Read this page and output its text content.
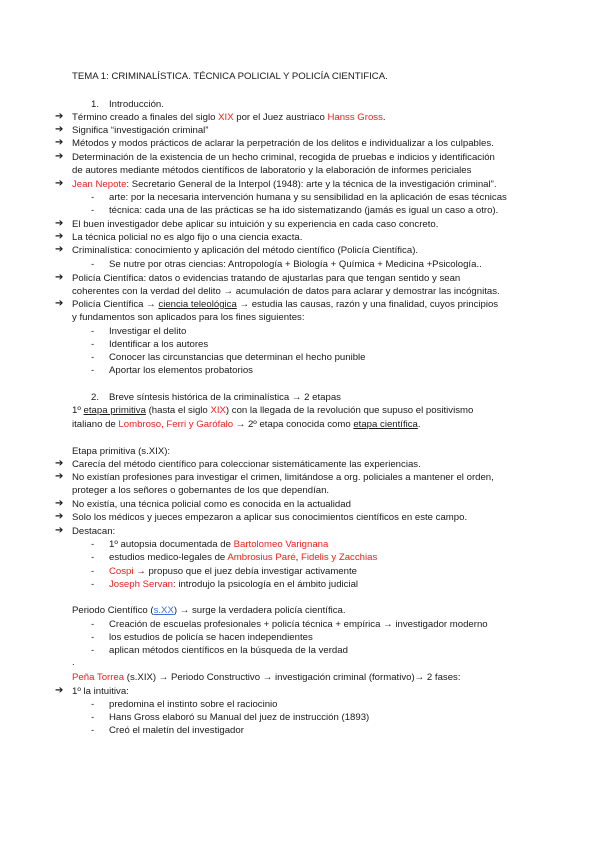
TEMA 1: CRIMINALÍSTICA. TÉCNICA POLICIAL Y POLICÍA CIENTIFICA.
1. Introducción.
➔ Término creado a finales del siglo XIX por el Juez austriaco Hanss Gross.
➔ Significa “investigación criminal”
➔ Métodos y modos prácticos de aclarar la perpetración de los delitos e individualizar a los culpables.
➔ Determinación de la existencia de un hecho criminal, recogida de pruebas e indicios y identificación
de autores mediante métodos científicos de laboratorio y la elaboración de informes periciales
➔ Jean Nepote: Secretario General de la Interpol (1948): arte y la técnica de la investigación criminal”.
- arte: por la necesaria intervención humana y su sensibilidad en la aplicación de esas técnicas
- técnica: cada una de las prácticas se ha ido sistematizando (jamás es igual un caso a otro).
➔ El buen investigador debe aplicar su intuición y su experiencia en cada caso concreto.
➔ La técnica policial no es algo fijo o una ciencia exacta.
➔ Criminalística: conocimiento y aplicación del método científico (Policía Científica).
- Se nutre por otras ciencias: Antropología + Biología + Química + Medicina +Psicología..
➔ Policía Científica: datos o evidencias tratando de ajustarlas para que tengan sentido y sean
coherentes con la verdad del delito → acumulación de datos para aclarar y demostrar las incógnitas.
➔ Policía Científica → ciencia teleológica → estudia las causas, razón y una finalidad, cuyos principios
y fundamentos son aplicados para los fines siguientes:
- Investigar el delito
- Identificar a los autores
- Conocer las circunstancias que determinan el hecho punible
- Aportar los elementos probatorios
2. Breve síntesis histórica de la criminalística → 2 etapas
1º etapa primitiva (hasta el siglo XIX) con la llegada de la revolución que supuso el positivismo
italiano de Lombroso, Ferri y Garófalo → 2º etapa conocida como etapa científica.
Etapa primitiva (s.XIX):
➔ Carecía del método científico para coleccionar sistemáticamente las experiencias.
➔ No existían profesiones para investigar el crimen, limitándose a org. policiales a mantener el orden,
proteger a los señores o gobernantes de los que dependían.
➔ No existía, una técnica policial como es conocida en la actualidad
➔ Solo los médicos y jueces empezaron a aplicar sus conocimientos científicos en este campo.
➔ Destacan:
- 1º autopsia documentada de Bartolomeo Varignana
- estudios medico-legales de Ambrosius Paré, Fidelis y Zacchias
- Cospi → propuso que el juez debía investigar activamente
- Joseph Servan: introdujo la psicología en el ámbito judicial
Periodo Científico (s.XX) → surge la verdadera policía científica.
- Creación de escuelas profesionales + policía técnica + empírica → investigador moderno
- los estudios de policía se hacen independientes
- aplican métodos científicos en la búsqueda de la verdad
.
Peña Torrea (s.XIX) → Periodo Constructivo → investigación criminal (formativo)→ 2 fases:
➔ 1º la intuitiva:
- predomina el instinto sobre el raciocinio
- Hans Gross elaboró su Manual del juez de instrucción (1893)
- Creó el maletín del investigador
